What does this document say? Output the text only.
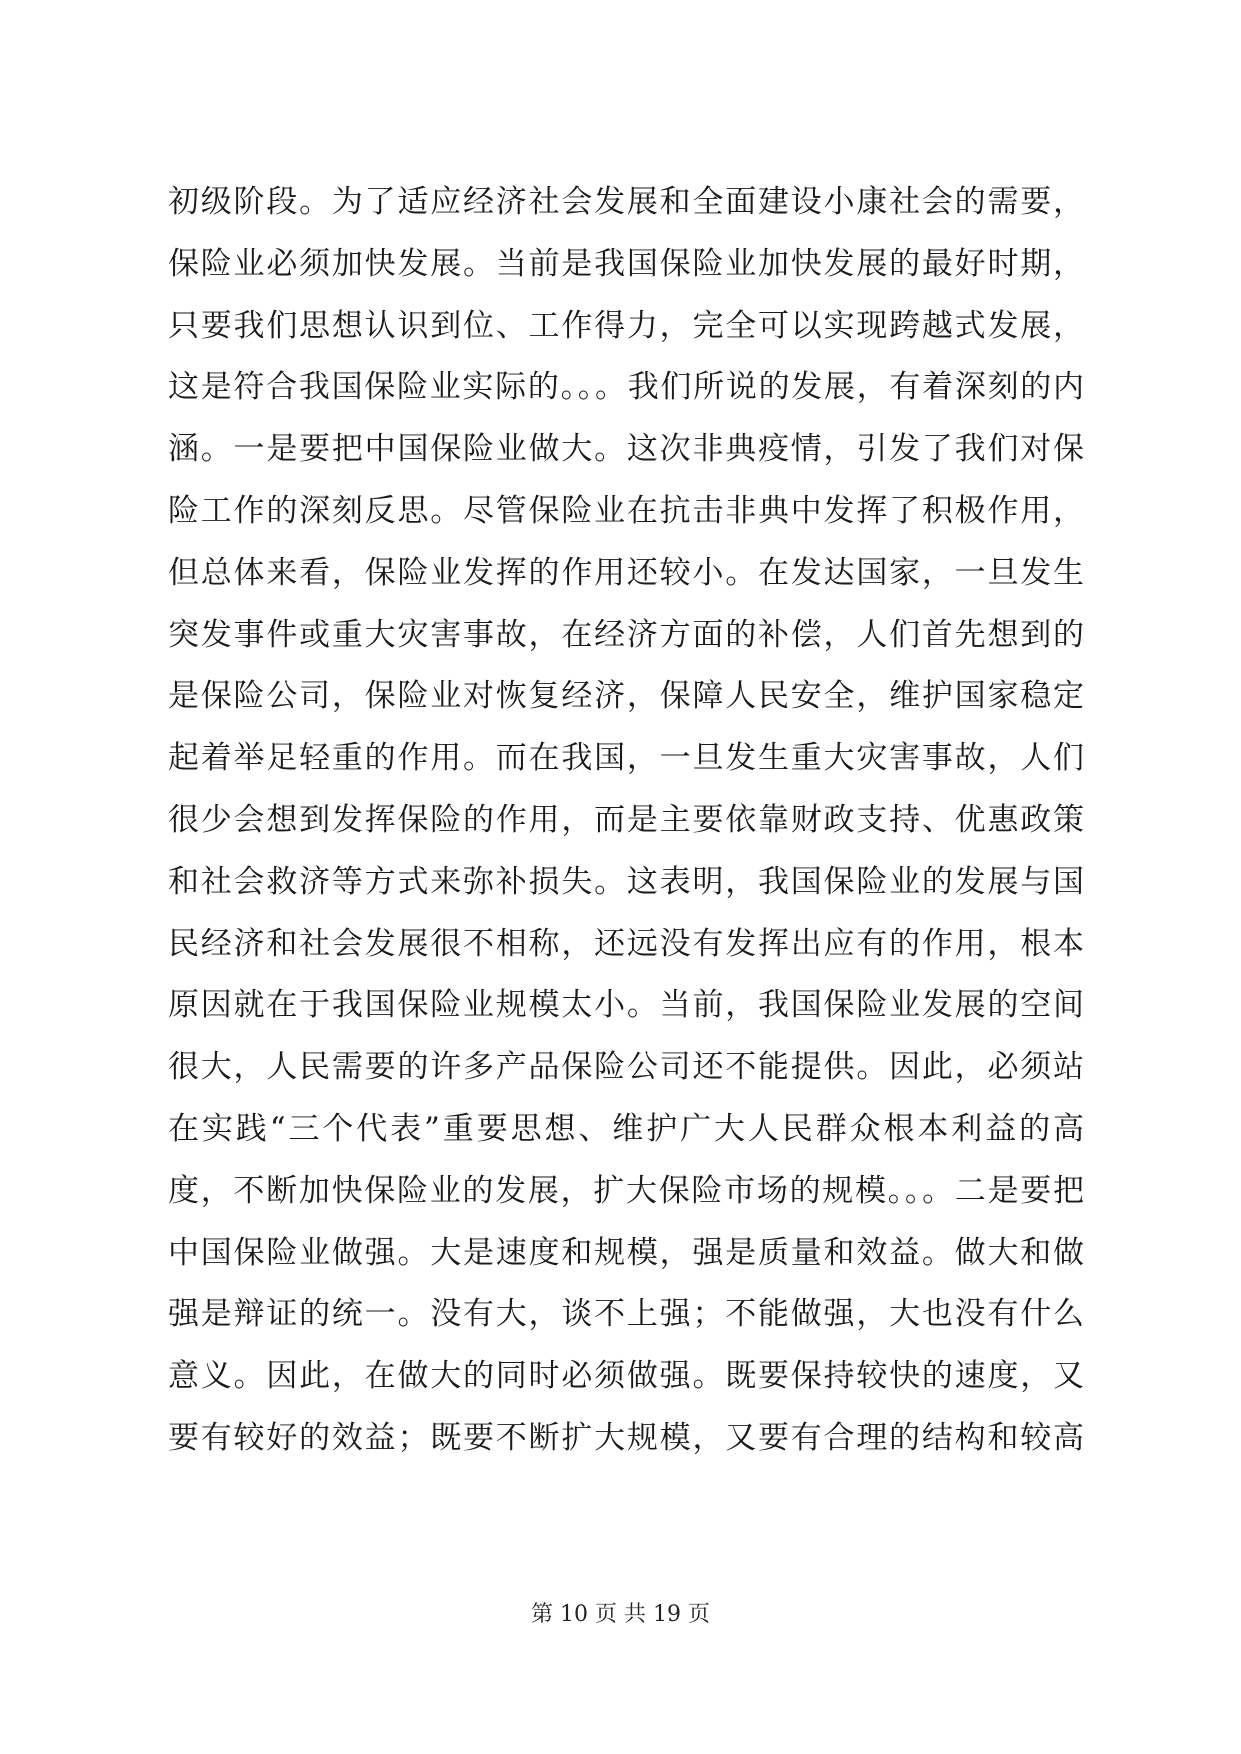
初级阶段。为了适应经济社会发展和全面建设小康社会的需要，
保险业必须加快发展。当前是我国保险业加快发展的最好时期，
只要我们思想认识到位、工作得力，完全可以实现跨越式发展，
这是符合我国保险业实际的。。。我们所说的发展，有着深刻的内
涵。一是要把中国保险业做大。这次非典疫情，引发了我们对保
险工作的深刻反思。尽管保险业在抗击非典中发挥了积极作用，
但总体来看，保险业发挥的作用还较小。在发达国家，一旦发生
突发事件或重大灾害事故，在经济方面的补偿，人们首先想到的
是保险公司，保险业对恢复经济，保障人民安全，维护国家稳定
起着举足轻重的作用。而在我国，一旦发生重大灾害事故，人们
很少会想到发挥保险的作用，而是主要依靠财政支持、优惠政策
和社会救济等方式来弥补损失。这表明，我国保险业的发展与国
民经济和社会发展很不相称，还远没有发挥出应有的作用，根本
原因就在于我国保险业规模太小。当前，我国保险业发展的空间
很大，人民需要的许多产品保险公司还不能提供。因此，必须站
在实践“三个代表”重要思想、维护广大人民群众根本利益的高
度，不断加快保险业的发展，扩大保险市场的规模。。。二是要把
中国保险业做强。大是速度和规模，强是质量和效益。做大和做
强是辩证的统一。没有大，谈不上强；不能做强，大也没有什么
意义。因此，在做大的同时必须做强。既要保持较快的速度，又
要有较好的效益；既要不断扩大规模，又要有合理的结构和较高
第 10 页 共 19 页
